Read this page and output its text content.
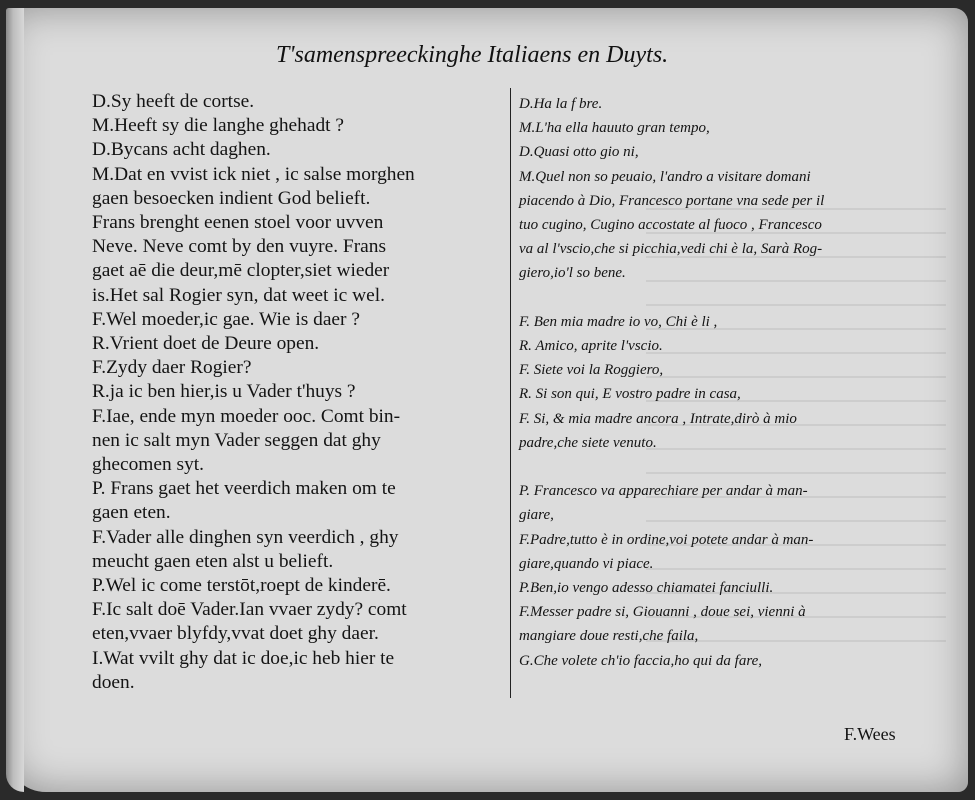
T'samenspreeckinghe Italiaens en Duyts.
D.Sy heeft de cortse.
M.Heeft sy die langhe ghehadt ?
D.Bycans acht daghen.
M.Dat en vvist ick niet , ic salse morghen
gaen besoecken indient God belieft.
Frans brenght eenen stoel voor uvven
Neve. Neve comt by den vuyre. Frans
gaet aē die deur,mē clopter,siet wieder
is.Het sal Rogier syn, dat weet ic wel.
F.Wel moeder,ic gae. Wie is daer ?
R.Vrient doet de Deure open.
F.Zydy daer Rogier?
R.ja ic ben hier,is u Vader t'huys ?
F.Iae, ende myn moeder ooc. Comt bin-
nen ic salt myn Vader seggen dat ghy
ghecomen syt.
P. Frans gaet het veerdich maken om te
gaen eten.
F.Vader alle dinghen syn veerdich , ghy
meucht gaen eten alst u belieft.
P.Wel ic come terstōt,roept de kinderē.
F.Ic salt doē Vader.Ian vvaer zydy? comt
eten,vvaer blyfdy,vvat doet ghy daer.
I.Wat vvilt ghy dat ic doe,ic heb hier te
doen.
D.Ha la f bre.
M.L'ha ella hauuto gran tempo,
D.Quasi otto gio ni,
M.Quel non so peuaio, l'andro a visitare domani
piacendo à Dio, Francesco portane vna sede per il
tuo cugino, Cugino accostate al fuoco , Francesco
va al l'vscio,che si picchia,vedi chi è la, Sarà Rog-
giero,io'l so bene.

F. Ben mia madre io vo, Chi è li ,
R. Amico, aprite l'vscio.
F. Siete voi la Roggiero,
R. Si son qui, E vostro padre in casa,
F. Si, & mia madre ancora , Intrate,dirò à mio
padre,che siete venuto.

P. Francesco va apparechiare per andar à man-
giare,
F.Padre,tutto è in ordine,voi potete andar à man-
giare,quando vi piace.
P.Ben,io vengo adesso chiamatei fanciulli.
F.Messer padre si, Giouanni , doue sei, vienni à
mangiare doue resti,che faila,
G.Che volete ch'io faccia,ho qui da fare,
F.Wees
